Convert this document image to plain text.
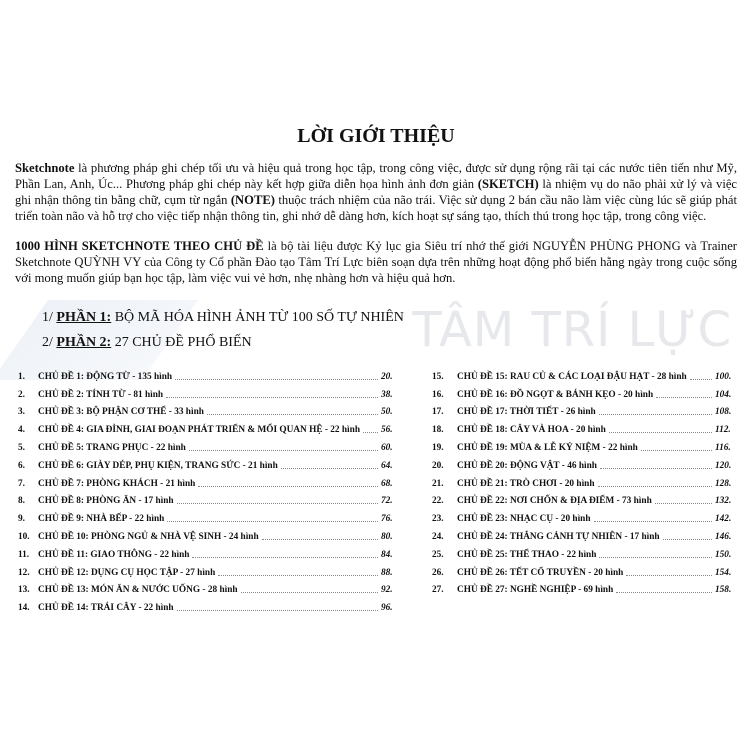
LỜI GIỚI THIỆU

Sketchnote là phương pháp ghi chép tối ưu và hiệu quả trong học tập, trong công việc, được sử dụng rộng rãi tại các nước tiên tiến như Mỹ, Phần Lan, Anh, Úc... Phương pháp ghi chép này kết hợp giữa diễn họa hình ảnh đơn giản (SKETCH) là nhiệm vụ do não phải xử lý và việc ghi nhận thông tin bằng chữ, cụm từ ngắn (NOTE) thuộc trách nhiệm của não trái. Việc sử dụng 2 bán cầu não làm việc cùng lúc sẽ giúp phát triển toàn não và hỗ trợ cho việc tiếp nhận thông tin, ghi nhớ dễ dàng hơn, kích hoạt sự sáng tạo, thích thú trong học tập, trong công việc.

1000 HÌNH SKETCHNOTE THEO CHỦ ĐỀ là bộ tài liệu được Kỷ lục gia Siêu trí nhớ thế giới NGUYỄN PHÙNG PHONG và Trainer Sketchnote QUỲNH VY của Công ty Cổ phần Đào tạo Tâm Trí Lực biên soạn dựa trên những hoạt động phổ biến hằng ngày trong cuộc sống với mong muốn giúp bạn học tập, làm việc vui vẻ hơn, nhẹ nhàng hơn và hiệu quả hơn.

1/ PHẦN 1: BỘ MÃ HÓA HÌNH ẢNH TỪ 100 SỐ TỰ NHIÊN
2/ PHẦN 2: 27 CHỦ ĐỀ PHỔ BIẾN	TÂM TRÍ LỰC
1.	CHỦ ĐỀ 1: ĐỘNG TỪ - 135 hình	20.
2.	CHỦ ĐỀ 2: TÍNH TỪ - 81 hình	38.
3.	CHỦ ĐỀ 3: BỘ PHẬN CƠ THỂ - 33 hình	50.
4.	CHỦ ĐỀ 4: GIA ĐÌNH, GIAI ĐOẠN PHÁT TRIỂN & MỐI QUAN HỆ - 22 hình 56.
5.	CHỦ ĐỀ 5: TRANG PHỤC - 22 hình	60.
6.	CHỦ ĐỀ 6: GIÀY DÉP, PHỤ KIỆN, TRANG SỨC - 21 hình	64.
7.	CHỦ ĐỀ 7: PHÒNG KHÁCH - 21 hình	68.
8.	CHỦ ĐỀ 8: PHÒNG ĂN - 17 hình	72.
9.	CHỦ ĐỀ 9: NHÀ BẾP - 22 hình	76.
10. CHỦ ĐỀ 10: PHÒNG NGỦ & NHÀ VỆ SINH - 24 hình	80.
11. CHỦ ĐỀ 11: GIAO THÔNG - 22 hình	84.
12. CHỦ ĐỀ 12: DỤNG CỤ HỌC TẬP - 27 hình	88.
13. CHỦ ĐỀ 13: MÓN ĂN & NƯỚC UỐNG - 28 hình	92.
14. CHỦ ĐỀ 14: TRÁI CÂY - 22 hình	96.
15.	CHỦ ĐỀ 15: RAU CỦ & CÁC LOẠI ĐẬU HẠT - 28 hình	100.
16.	CHỦ ĐỀ 16: ĐỒ NGỌT & BÁNH KẸO - 20 hình	104.
17.	CHỦ ĐỀ 17: THỜI TIẾT - 26 hình	108.
18.	CHỦ ĐỀ 18: CÂY VÀ HOA - 20 hình	112.
19.	CHỦ ĐỀ 19: MÙA & LỄ KỶ NIỆM - 22 hình	116.
20.	CHỦ ĐỀ 20: ĐỘNG VẬT - 46 hình	120.
21.	CHỦ ĐỀ 21: TRÒ CHƠI - 20 hình	128.
22.	CHỦ ĐỀ 22: NƠI CHỐN & ĐỊA ĐIỂM - 73 hình	132.
23.	CHỦ ĐỀ 23: NHẠC CỤ - 20 hình	142.
24.	CHỦ ĐỀ 24: THẮNG CẢNH TỰ NHIÊN - 17 hình	146.
25.	CHỦ ĐỀ 25: THỂ THAO - 22 hình	150.
26.	CHỦ ĐỀ 26: TẾT CỔ TRUYỀN - 20 hình	154.
27.	CHỦ ĐỀ 27: NGHỀ NGHIỆP - 69 hình	158.
